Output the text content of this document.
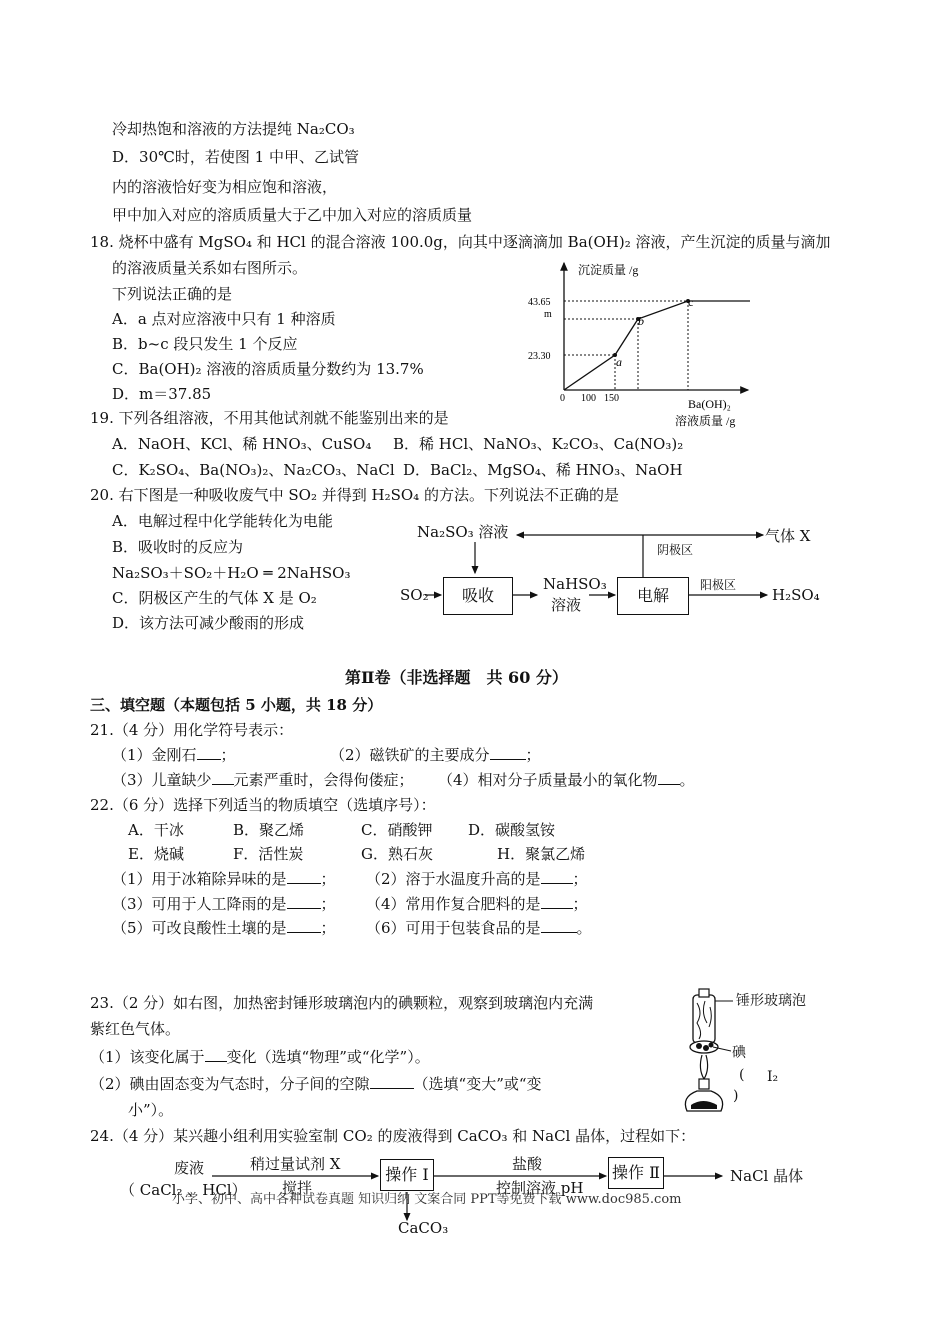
冷却热饱和溶液的方法提纯 Na₂CO₃
D．30℃时，若使图 1 中甲、乙试管
内的溶液恰好变为相应饱和溶液，
甲中加入对应的溶质质量大于乙中加入对应的溶质质量
18. 烧杯中盛有 MgSO₄ 和 HCl 的混合溶液 100.0g，向其中逐滴滴加 Ba(OH)₂ 溶液，产生沉淀的质量与滴加
的溶液质量关系如右图所示。
下列说法正确的是
A．a 点对应溶液中只有 1 种溶质
B．b~c 段只发生 1 个反应
C．Ba(OH)₂ 溶液的溶质质量分数约为 13.7%
D．m＝37.85
沉淀质量 /g
0 100 150
23.30
43.65
m
a
b
c
Ba(OH)₂
溶液质量 /g
19. 下列各组溶液，不用其他试剂就不能鉴别出来的是
A．NaOH、KCl、稀 HNO₃、CuSO₄ B．稀 HCl、NaNO₃、K₂CO₃、Ca(NO₃)₂
C．K₂SO₄、Ba(NO₃)₂、Na₂CO₃、NaCl D．BaCl₂、MgSO₄、稀 HNO₃、NaOH
20. 右下图是一种吸收废气中 SO₂ 并得到 H₂SO₄ 的方法。下列说法不正确的是
A．电解过程中化学能转化为电能
B．吸收时的反应为
Na₂SO₃＋SO₂＋H₂O ═ 2NaHSO₃
C．阴极区产生的气体 X 是 O₂
D．该方法可减少酸雨的形成
Na₂SO₃ 溶液	气体 X
阴极区
SO₂	吸收
NaHSO₃
溶液	电解
阳极区
H₂SO₄
第Ⅱ卷（非选择题　共 60 分）
三、填空题（本题包括 5 小题，共 18 分）
21.（4 分）用化学符号表示：
（1）金刚石 ；	（2）磁铁矿的主要成分 ；
（3）儿童缺少 元素严重时，会得佝偻症； （4）相对分子质量最小的氧化物 。
22.（6 分）选择下列适当的物质填空（选填序号）：
A．干冰	B．聚乙烯	C．硝酸钾 D．碳酸氢铵
E．烧碱	F．活性炭	G．熟石灰	H．聚氯乙烯
（1）用于冰箱除异味的是 ； （2）溶于水温度升高的是 ；
（3）可用于人工降雨的是 ； （4）常用作复合肥料的是 ；
（5）可改良酸性土壤的是 ； （6）可用于包装食品的是 。
23.（2 分）如右图，加热密封锤形玻璃泡内的碘颗粒，观察到玻璃泡内充满
紫红色气体。
（1）该变化属于 变化（选填“物理”或“化学”）。
（2）碘由固态变为气态时，分子间的空隙	（选填“变大”或“变
小”）。
锤形玻璃泡
碘
( I₂
)
24.（4 分）某兴趣小组利用实验室制 CO₂ 的废液得到 CaCO₃ 和 NaCl 晶体，过程如下：
废液
（ CaCl₂ 、HCl）
稍过量试剂 X
搅拌
操作 I
盐酸
控制溶液 pH
操作 Ⅱ	NaCl 晶体
CaCO₃
小学、初中、高中各种试卷真题 知识归纳 文案合同 PPT等免费下载 www.doc985.com
